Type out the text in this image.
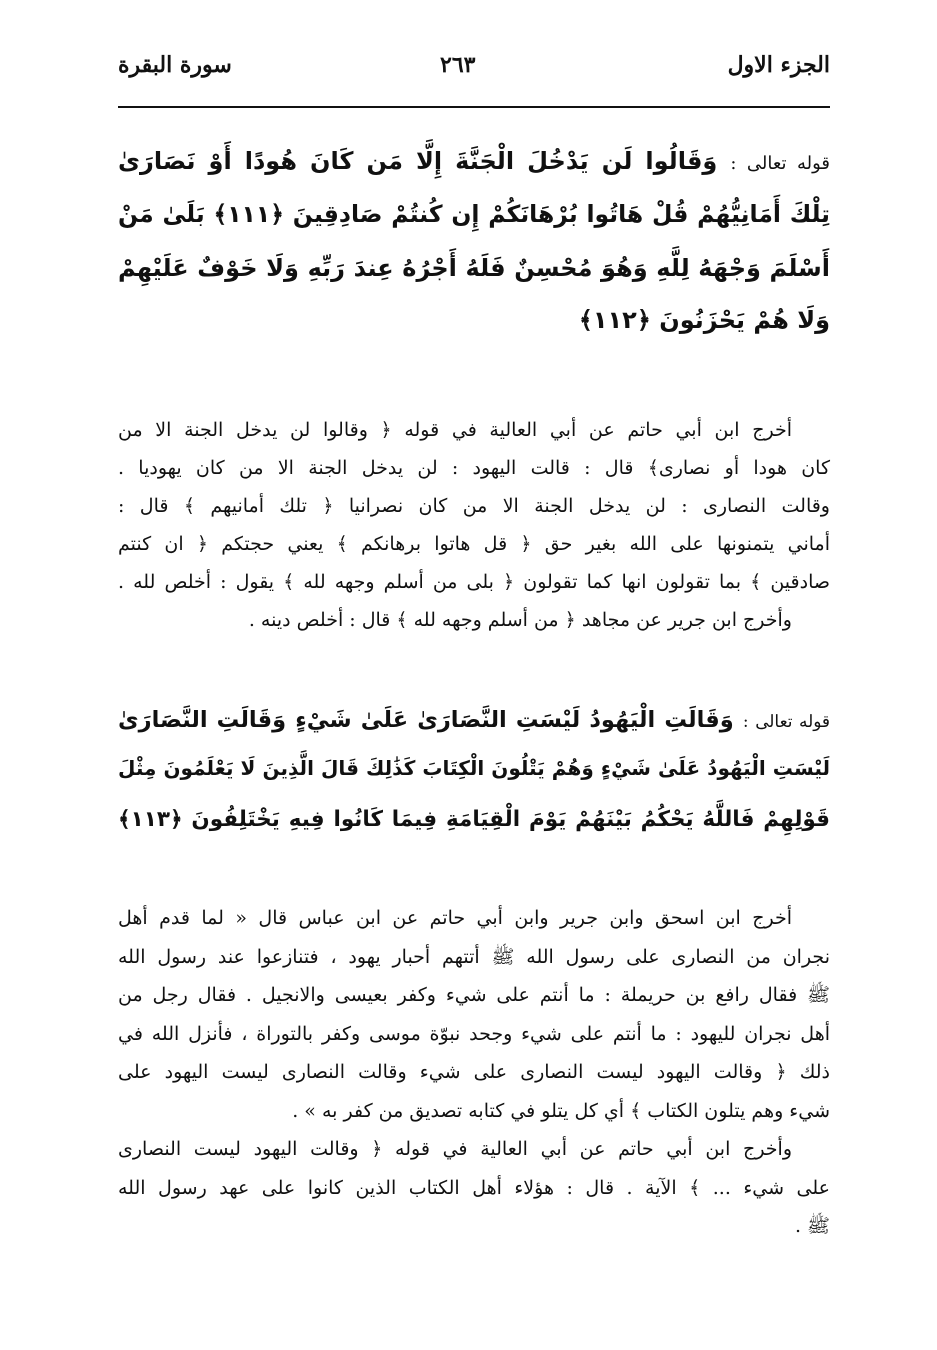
سورة البقرة	٢٦٣	الجزء الاول
قوله تعالى : وَقَالُوا لَن يَدْخُلَ الْجَنَّةَ إِلَّا مَن كَانَ هُودًا أَوْ نَصَارَىٰ
تِلْكَ أَمَانِيُّهُمْ قُلْ هَاتُوا بُرْهَانَكُمْ إِن كُنتُمْ صَادِقِينَ ﴿١١١﴾ بَلَىٰ مَنْ
أَسْلَمَ وَجْهَهُ لِلَّهِ وَهُوَ مُحْسِنٌ فَلَهُ أَجْرُهُ عِندَ رَبِّهِ وَلَا خَوْفٌ عَلَيْهِمْ
وَلَا هُمْ يَحْزَنُونَ ﴿١١٢﴾
أخرج ابن أبي حاتم عن أبي العالية في قوله ﴿ وقالوا لن يدخل الجنة الا من
كان هودا أو نصارى﴾ قال : قالت اليهود : لن يدخل الجنة الا من كان يهوديا .
وقالت النصارى : لن يدخل الجنة الا من كان نصرانيا ﴿ تلك أمانيهم ﴾ قال :
أماني يتمنونها على الله بغير حق ﴿ قل هاتوا برهانكم ﴾ يعني حجتكم ﴿ ان كنتم
صادقين ﴾ بما تقولون انها كما تقولون ﴿ بلى من أسلم وجهه لله ﴾ يقول : أخلص لله .
وأخرج ابن جرير عن مجاهد ﴿ من أسلم وجهه لله ﴾ قال : أخلص دينه .
قوله تعالى : وَقَالَتِ الْيَهُودُ لَيْسَتِ النَّصَارَىٰ عَلَىٰ شَيْءٍ وَقَالَتِ النَّصَارَىٰ
لَيْسَتِ الْيَهُودُ عَلَىٰ شَيْءٍ وَهُمْ يَتْلُونَ الْكِتَابَ كَذَٰلِكَ قَالَ الَّذِينَ لَا يَعْلَمُونَ مِثْلَ
قَوْلِهِمْ فَاللَّهُ يَحْكُمُ بَيْنَهُمْ يَوْمَ الْقِيَامَةِ فِيمَا كَانُوا فِيهِ يَخْتَلِفُونَ ﴿١١٣﴾
أخرج ابن اسحق وابن جرير وابن أبي حاتم عن ابن عباس قال « لما قدم أهل
نجران من النصارى على رسول الله ﷺ أتتهم أحبار يهود ، فتنازعوا عند رسول الله
ﷺ فقال رافع بن حريملة : ما أنتم على شيء وكفر بعيسى والانجيل . فقال رجل من
أهل نجران لليهود : ما أنتم على شيء وجحد نبوّة موسى وكفر بالتوراة ، فأنزل الله في
ذلك ﴿ وقالت اليهود ليست النصارى على شيء وقالت النصارى ليست اليهود على
شيء وهم يتلون الكتاب ﴾ أي كل يتلو في كتابه تصديق من كفر به » .
وأخرج ابن أبي حاتم عن أبي العالية في قوله ﴿ وقالت اليهود ليست النصارى
على شيء ... ﴾ الآية . قال : هؤلاء أهل الكتاب الذين كانوا على عهد رسول الله
ﷺ .
